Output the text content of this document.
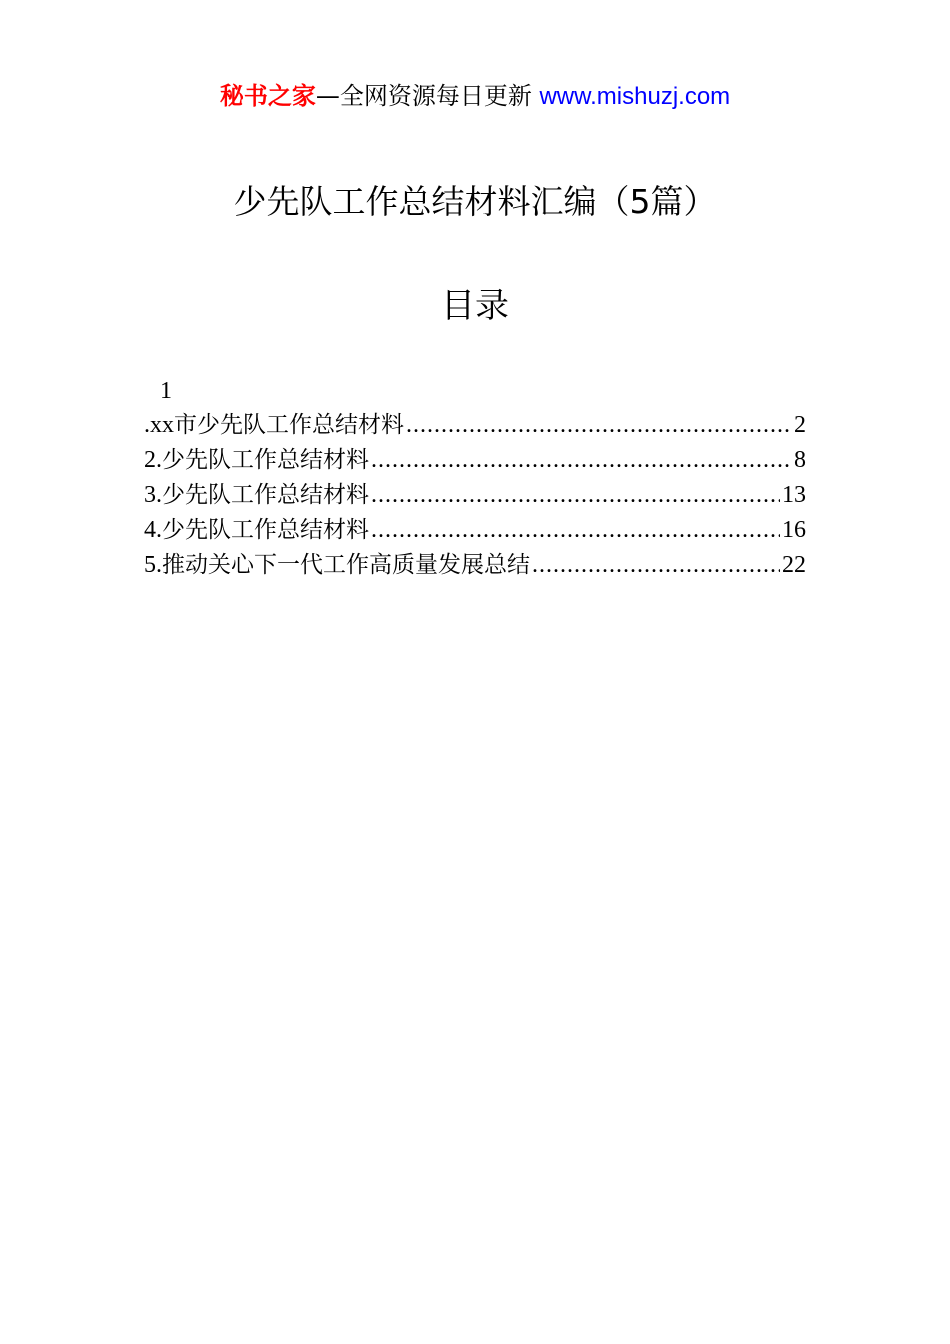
秘书之家—全网资源每日更新 www.mishuzj.com
少先队工作总结材料汇编（5篇）
目录
1
.xx 市少先队工作总结材料 .....	2
2. 少先队工作总结材料 .....	8
3. 少先队工作总结材料 .....	13
4. 少先队工作总结材料 .....	16
5. 推动关心下一代工作高质量发展总结 .....	22
